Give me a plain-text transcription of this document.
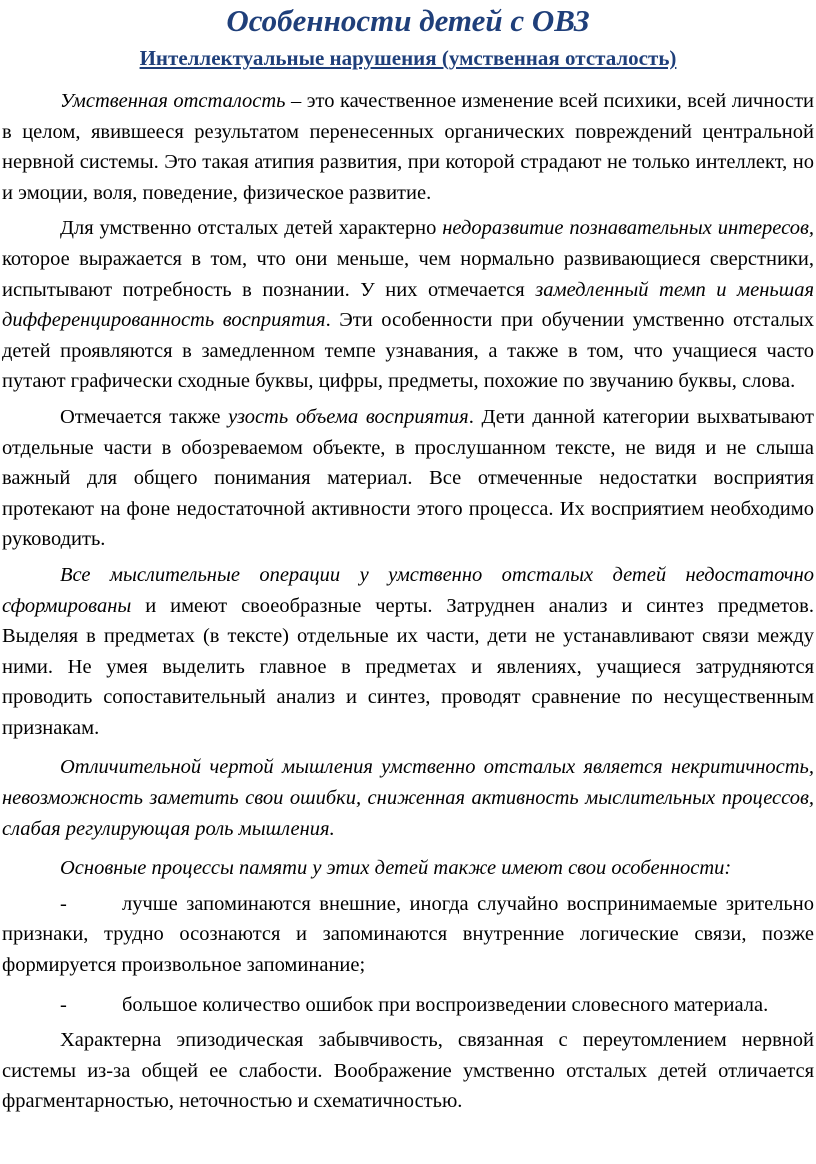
Особенности детей с ОВЗ
Интеллектуальные нарушения (умственная отсталость)

Умственная отсталость – это качественное изменение всей психики, всей личности в целом, явившееся результатом перенесенных органических повреждений центральной нервной системы. Это такая атипия развития, при которой страдают не только интеллект, но и эмоции, воля, поведение, физическое развитие.

Для умственно отсталых детей характерно недоразвитие познавательных интересов, которое выражается в том, что они меньше, чем нормально развивающиеся сверстники, испытывают потребность в познании. У них отмечается замедленный темп и меньшая дифференцированность восприятия. Эти особенности при обучении умственно отсталых детей проявляются в замедленном темпе узнавания, а также в том, что учащиеся часто путают графически сходные буквы, цифры, предметы, похожие по звучанию буквы, слова.

Отмечается также узость объема восприятия. Дети данной категории выхватывают отдельные части в обозреваемом объекте, в прослушанном тексте, не видя и не слыша важный для общего понимания материал. Все отмеченные недостатки восприятия протекают на фоне недостаточной активности этого процесса. Их восприятием необходимо руководить.

Все мыслительные операции у умственно отсталых детей недостаточно сформированы и имеют своеобразные черты. Затруднен анализ и синтез предметов. Выделяя в предметах (в тексте) отдельные их части, дети не устанавливают связи между ними. Не умея выделить главное в предметах и явлениях, учащиеся затрудняются проводить сопоставительный анализ и синтез, проводят сравнение по несущественным признакам.

Отличительной чертой мышления умственно отсталых является некритичность, невозможность заметить свои ошибки, сниженная активность мыслительных процессов, слабая регулирующая роль мышления.

Основные процессы памяти у этих детей также имеют свои особенности:

-	лучше запоминаются внешние, иногда случайно воспринимаемые зрительно признаки, трудно осознаются и запоминаются внутренние логические связи, позже формируется произвольное запоминание;

-	большое количество ошибок при воспроизведении словесного материала.

Характерна эпизодическая забывчивость, связанная с переутомлением нервной системы из-за общей ее слабости. Воображение умственно отсталых детей отличается фрагментарностью, неточностью и схематичностью.
